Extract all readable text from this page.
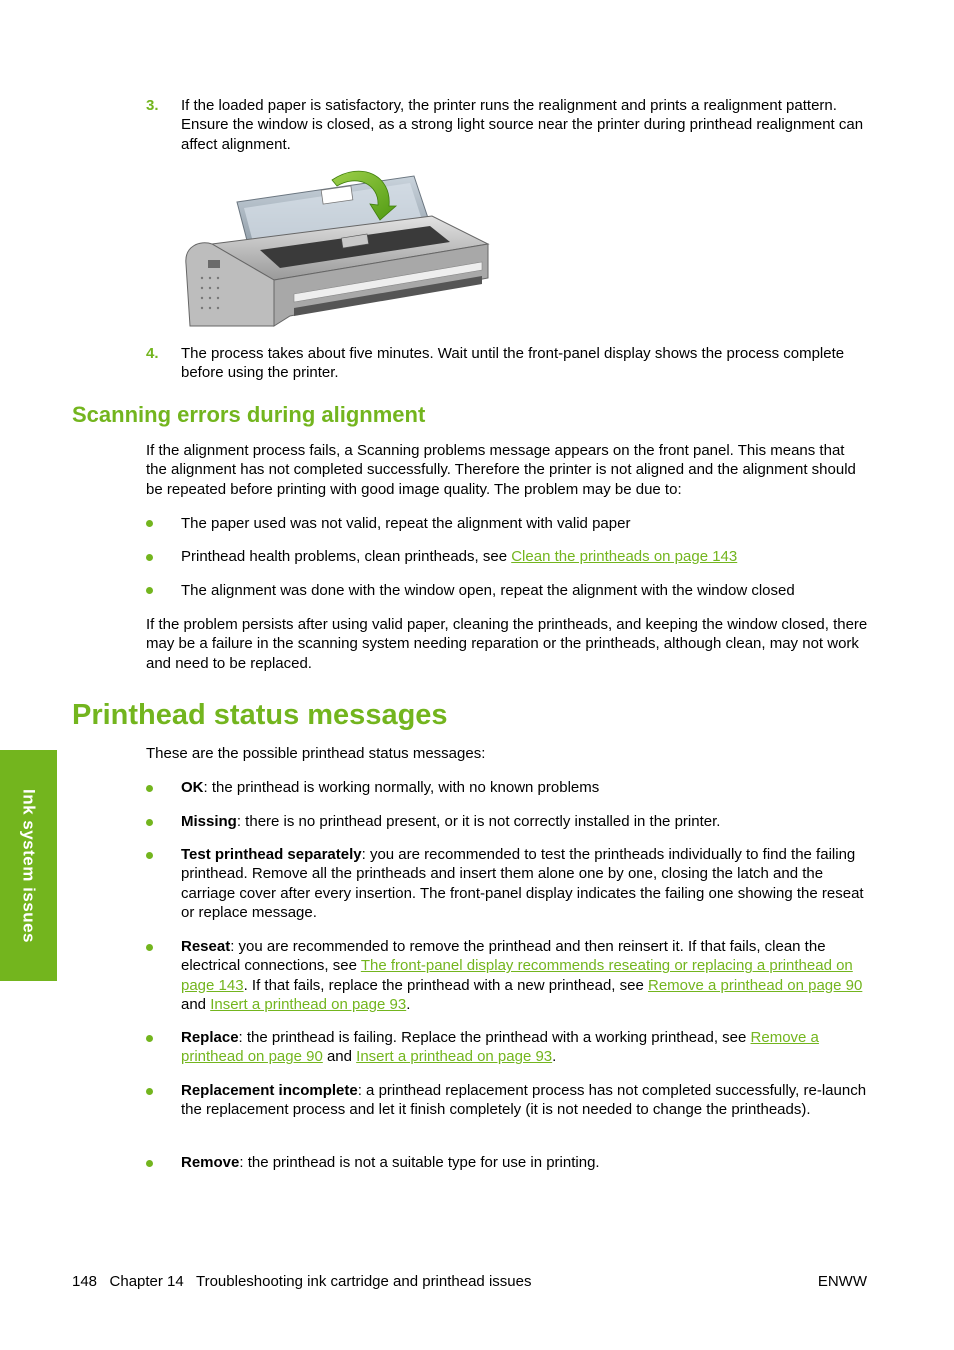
3. If the loaded paper is satisfactory, the printer runs the realignment and prints a realignment pattern. Ensure the window is closed, as a strong light source near the printer during printhead realignment can affect alignment.
4. The process takes about five minutes. Wait until the front-panel display shows the process complete before using the printer.
Scanning errors during alignment
If the alignment process fails, a Scanning problems message appears on the front panel. This means that the alignment has not completed successfully. Therefore the printer is not aligned and the alignment should be repeated before printing with good image quality. The problem may be due to:
The paper used was not valid, repeat the alignment with valid paper
Printhead health problems, clean printheads, see Clean the printheads on page 143
The alignment was done with the window open, repeat the alignment with the window closed
If the problem persists after using valid paper, cleaning the printheads, and keeping the window closed, there may be a failure in the scanning system needing reparation or the printheads, although clean, may not work and need to be replaced.
Printhead status messages
These are the possible printhead status messages:
OK: the printhead is working normally, with no known problems
Missing: there is no printhead present, or it is not correctly installed in the printer.
Test printhead separately: you are recommended to test the printheads individually to find the failing printhead. Remove all the printheads and insert them alone one by one, closing the latch and the carriage cover after every insertion. The front-panel display indicates the failing one showing the reseat or replace message.
Reseat: you are recommended to remove the printhead and then reinsert it. If that fails, clean the electrical connections, see The front-panel display recommends reseating or replacing a printhead on page 143. If that fails, replace the printhead with a new printhead, see Remove a printhead on page 90 and Insert a printhead on page 93.
Replace: the printhead is failing. Replace the printhead with a working printhead, see Remove a printhead on page 90 and Insert a printhead on page 93.
Replacement incomplete: a printhead replacement process has not completed successfully, re-launch the replacement process and let it finish completely (it is not needed to change the printheads).
Remove: the printhead is not a suitable type for use in printing.
Ink system issues
148   Chapter 14   Troubleshooting ink cartridge and printhead issues	ENWW
